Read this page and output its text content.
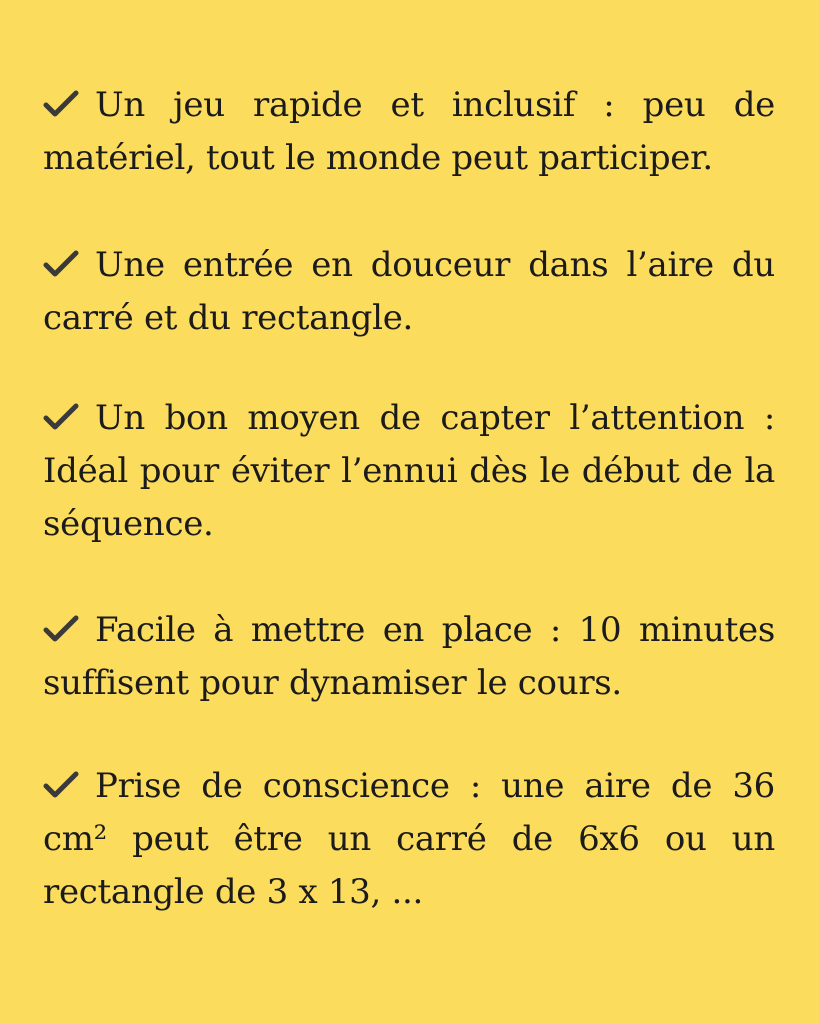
Un jeu rapide et inclusif : peu de matériel, tout le monde peut participer.
Une entrée en douceur dans l’aire du carré et du rectangle.
Un bon moyen de capter l’attention : Idéal pour éviter l’ennui dès le début de la séquence.
Facile à mettre en place : 10 minutes suffisent pour dynamiser le cours.
Prise de conscience : une aire de 36 cm² peut être un carré de 6x6 ou un rectangle de 3 x 13, ...
